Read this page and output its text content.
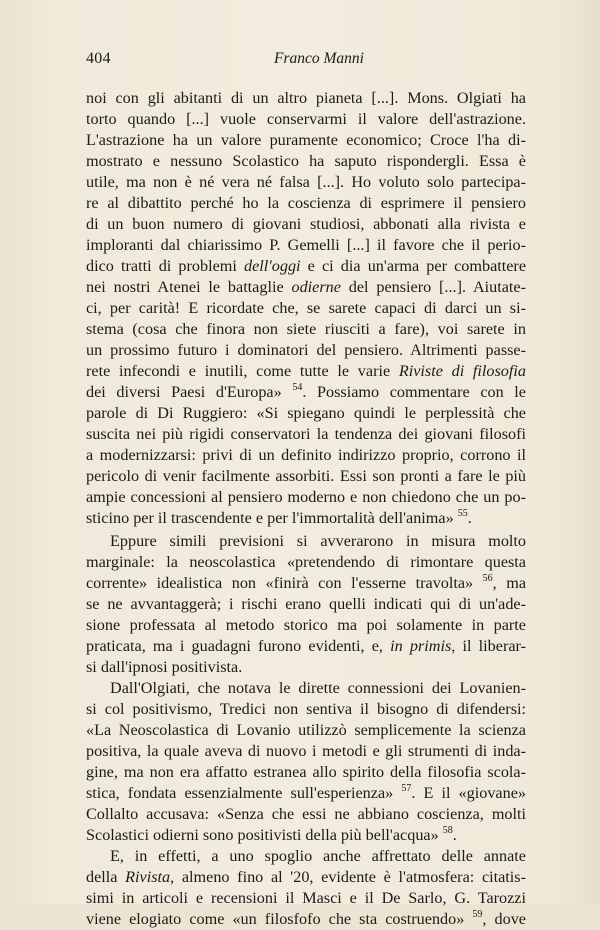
404	Franco Manni
noi con gli abitanti di un altro pianeta [...]. Mons. Olgiati ha
torto quando [...] vuole conservarmi il valore dell'astrazione.
L'astrazione ha un valore puramente economico; Croce l'ha di-
mostrato e nessuno Scolastico ha saputo rispondergli. Essa è
utile, ma non è né vera né falsa [...]. Ho voluto solo partecipa-
re al dibattito perché ho la coscienza di esprimere il pensiero
di un buon numero di giovani studiosi, abbonati alla rivista e
imploranti dal chiarissimo P. Gemelli [...] il favore che il perio-
dico tratti di problemi dell'oggi e ci dia un'arma per combattere
nei nostri Atenei le battaglie odierne del pensiero [...]. Aiutate-
ci, per carità! E ricordate che, se sarete capaci di darci un si-
stema (cosa che finora non siete riusciti a fare), voi sarete in
un prossimo futuro i dominatori del pensiero. Altrimenti passe-
rete infecondi e inutili, come tutte le varie Riviste di filosofia
dei diversi Paesi d'Europa» $^{54}$. Possiamo commentare con le
parole di Di Ruggiero: «Si spiegano quindi le perplessità che
suscita nei più rigidi conservatori la tendenza dei giovani filosofi
a modernizzarsi: privi di un definito indirizzo proprio, corrono il
pericolo di venir facilmente assorbiti. Essi son pronti a fare le più
ampie concessioni al pensiero moderno e non chiedono che un po-
sticino per il trascendente e per l'immortalità dell'anima» $^{55}$.
Eppure simili previsioni si avverarono in misura molto
marginale: la neoscolastica «pretendendo di rimontare questa
corrente» idealistica non «finirà con l'esserne travolta» $^{56}$, ma
se ne avvantaggerà; i rischi erano quelli indicati qui di un'ade-
sione professata al metodo storico ma poi solamente in parte
praticata, ma i guadagni furono evidenti, e, in primis, il liberar-
si dall'ipnosi positivista.
Dall'Olgiati, che notava le dirette connessioni dei Lovanien-
si col positivismo, Tredici non sentiva il bisogno di difendersi:
«La Neoscolastica di Lovanio utilizzò semplicemente la scienza
positiva, la quale aveva di nuovo i metodi e gli strumenti di inda-
gine, ma non era affatto estranea allo spirito della filosofia scola-
stica, fondata essenzialmente sull'esperienza» $^{57}$. E il «giovane»
Collalto accusava: «Senza che essi ne abbiano coscienza, molti
Scolastici odierni sono positivisti della più bell'acqua» $^{58}$.
E, in effetti, a uno spoglio anche affrettato delle annate
della Rivista, almeno fino al '20, evidente è l'atmosfera: citatis-
simi in articoli e recensioni il Masci e il De Sarlo, G. Tarozzi
viene elogiato come «un filosfofo che sta costruendo» $^{59}$, dove
